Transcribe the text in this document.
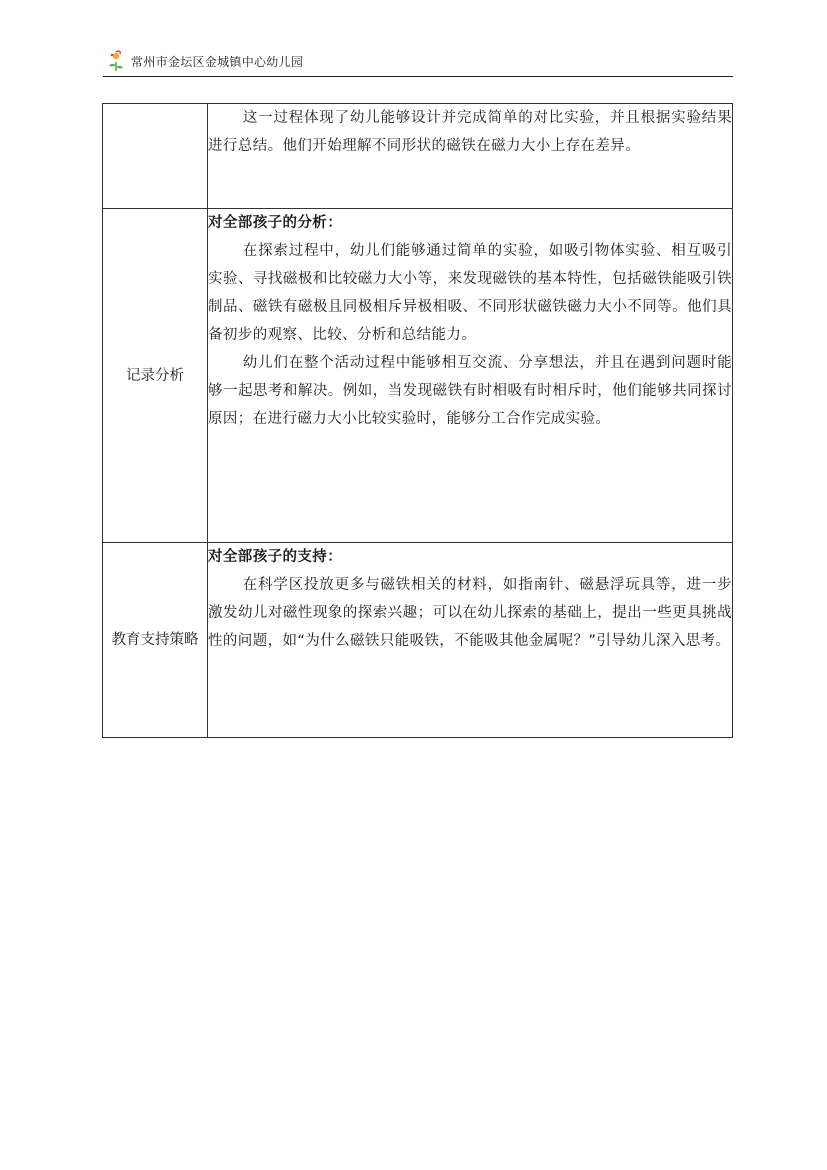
常州市金坛区金城镇中心幼儿园

	这一过程体现了幼儿能够设计并完成简单的对比实验，并且根据实验结果进行总结。他们开始理解不同形状的磁铁在磁力大小上存在差异。

记录分析	对全部孩子的分析：

在探索过程中，幼儿们能够通过简单的实验，如吸引物体实验、相互吸引实验、寻找磁极和比较磁力大小等，来发现磁铁的基本特性，包括磁铁能吸引铁制品、磁铁有磁极且同极相斥异极相吸、不同形状磁铁磁力大小不同等。他们具备初步的观察、比较、分析和总结能力。

幼儿们在整个活动过程中能够相互交流、分享想法，并且在遇到问题时能够一起思考和解决。例如，当发现磁铁有时相吸有时相斥时，他们能够共同探讨原因；在进行磁力大小比较实验时，能够分工合作完成实验。

教育支持策略	对全部孩子的支持：

在科学区投放更多与磁铁相关的材料，如指南针、磁悬浮玩具等，进一步激发幼儿对磁性现象的探索兴趣；可以在幼儿探索的基础上，提出一些更具挑战性的问题，如“为什么磁铁只能吸铁，不能吸其他金属呢？”引导幼儿深入思考。
